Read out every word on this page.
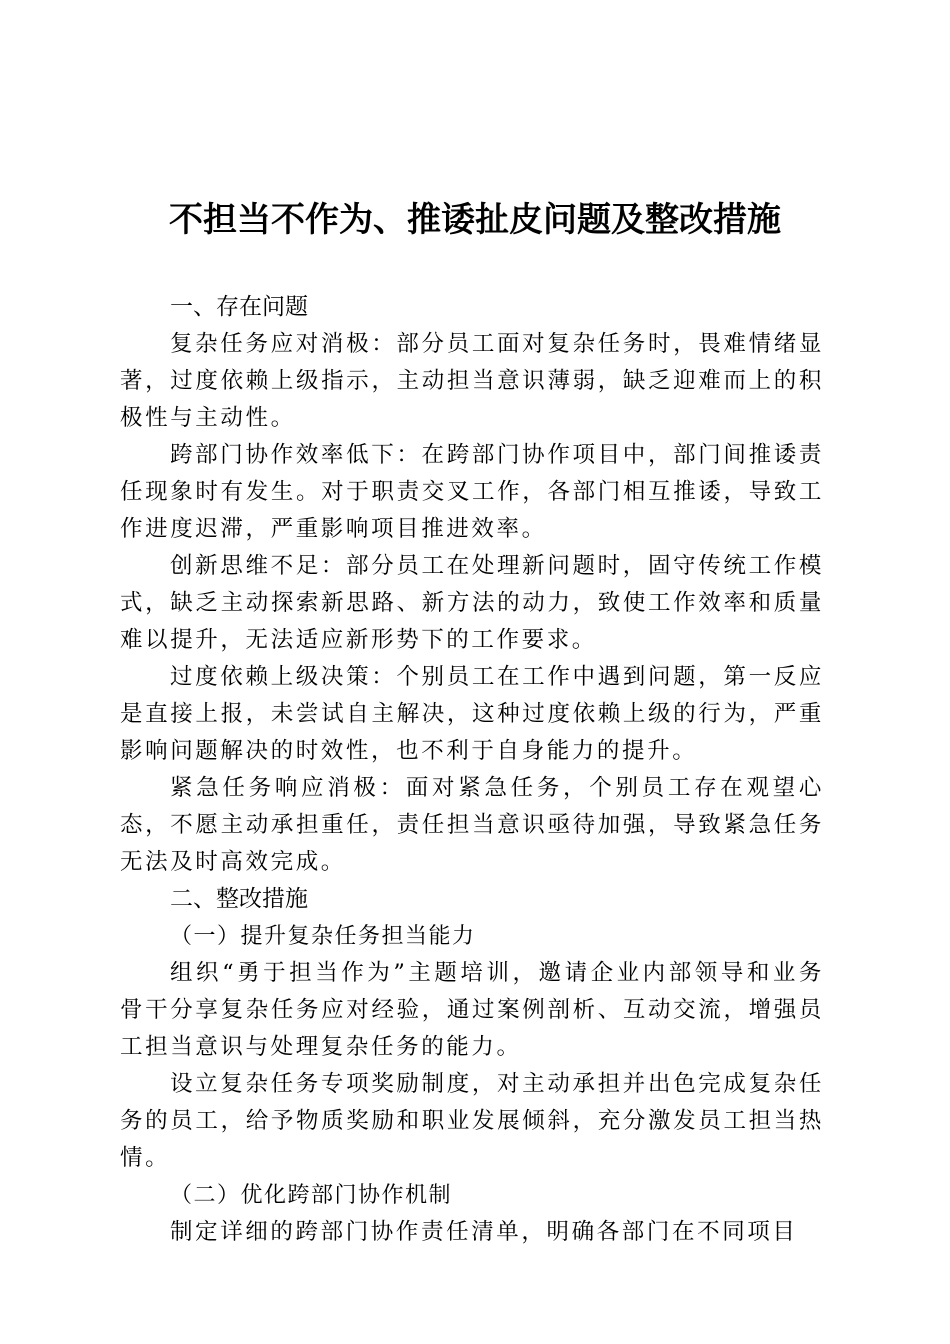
不担当不作为、推诿扯皮问题及整改措施

一、存在问题

复杂任务应对消极：部分员工面对复杂任务时，畏难情绪显著，过度依赖上级指示，主动担当意识薄弱，缺乏迎难而上的积极性与主动性。

跨部门协作效率低下：在跨部门协作项目中，部门间推诿责任现象时有发生。对于职责交叉工作，各部门相互推诿，导致工作进度迟滞，严重影响项目推进效率。

创新思维不足：部分员工在处理新问题时，固守传统工作模式，缺乏主动探索新思路、新方法的动力，致使工作效率和质量难以提升，无法适应新形势下的工作要求。

过度依赖上级决策：个别员工在工作中遇到问题，第一反应是直接上报，未尝试自主解决，这种过度依赖上级的行为，严重影响问题解决的时效性，也不利于自身能力的提升。

紧急任务响应消极：面对紧急任务，个别员工存在观望心态，不愿主动承担重任，责任担当意识亟待加强，导致紧急任务无法及时高效完成。

二、整改措施

（一）提升复杂任务担当能力

组织“勇于担当作为”主题培训，邀请企业内部领导和业务骨干分享复杂任务应对经验，通过案例剖析、互动交流，增强员工担当意识与处理复杂任务的能力。

设立复杂任务专项奖励制度，对主动承担并出色完成复杂任务的员工，给予物质奖励和职业发展倾斜，充分激发员工担当热情。

（二）优化跨部门协作机制

制定详细的跨部门协作责任清单，明确各部门在不同项目
